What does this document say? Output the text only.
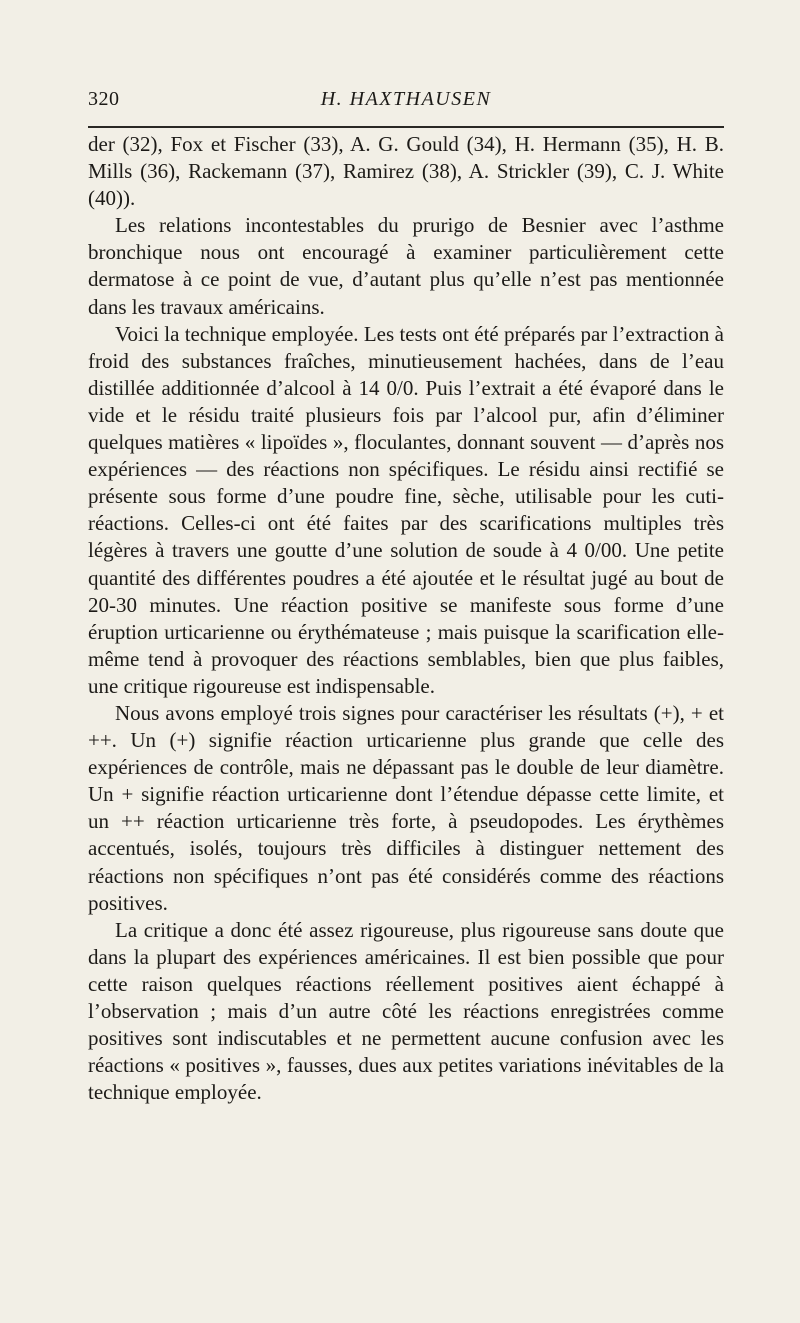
320	H. HAXTHAUSEN

der (32), Fox et Fischer (33), A. G. Gould (34), H. Hermann (35), H. B. Mills (36), Rackemann (37), Ramirez (38), A. Strickler (39), C. J. White (40)).

Les relations incontestables du prurigo de Besnier avec l’asthme bronchique nous ont encouragé à examiner particulièrement cette dermatose à ce point de vue, d’autant plus qu’elle n’est pas mentionnée dans les travaux américains.

Voici la technique employée. Les tests ont été préparés par l’extraction à froid des substances fraîches, minutieusement hachées, dans de l’eau distillée additionnée d’alcool à 14 0/0. Puis l’extrait a été évaporé dans le vide et le résidu traité plusieurs fois par l’alcool pur, afin d’éliminer quelques matières « lipoïdes », floculantes, donnant souvent — d’après nos expériences — des réactions non spécifiques. Le résidu ainsi rectifié se présente sous forme d’une poudre fine, sèche, utilisable pour les cuti-réactions. Celles-ci ont été faites par des scarifications multiples très légères à travers une goutte d’une solution de soude à 4 0/00. Une petite quantité des différentes poudres a été ajoutée et le résultat jugé au bout de 20-30 minutes. Une réaction positive se manifeste sous forme d’une éruption urticarienne ou érythémateuse ; mais puisque la scarification elle-même tend à provoquer des réactions semblables, bien que plus faibles, une critique rigoureuse est indispensable.

Nous avons employé trois signes pour caractériser les résultats (+), + et ++. Un (+) signifie réaction urticarienne plus grande que celle des expériences de contrôle, mais ne dépassant pas le double de leur diamètre. Un + signifie réaction urticarienne dont l’étendue dépasse cette limite, et un ++ réaction urticarienne très forte, à pseudopodes. Les érythèmes accentués, isolés, toujours très difficiles à distinguer nettement des réactions non spécifiques n’ont pas été considérés comme des réactions positives.

La critique a donc été assez rigoureuse, plus rigoureuse sans doute que dans la plupart des expériences américaines. Il est bien possible que pour cette raison quelques réactions réellement positives aient échappé à l’observation ; mais d’un autre côté les réactions enregistrées comme positives sont indiscutables et ne permettent aucune confusion avec les réactions « positives », fausses, dues aux petites variations inévitables de la technique employée.
